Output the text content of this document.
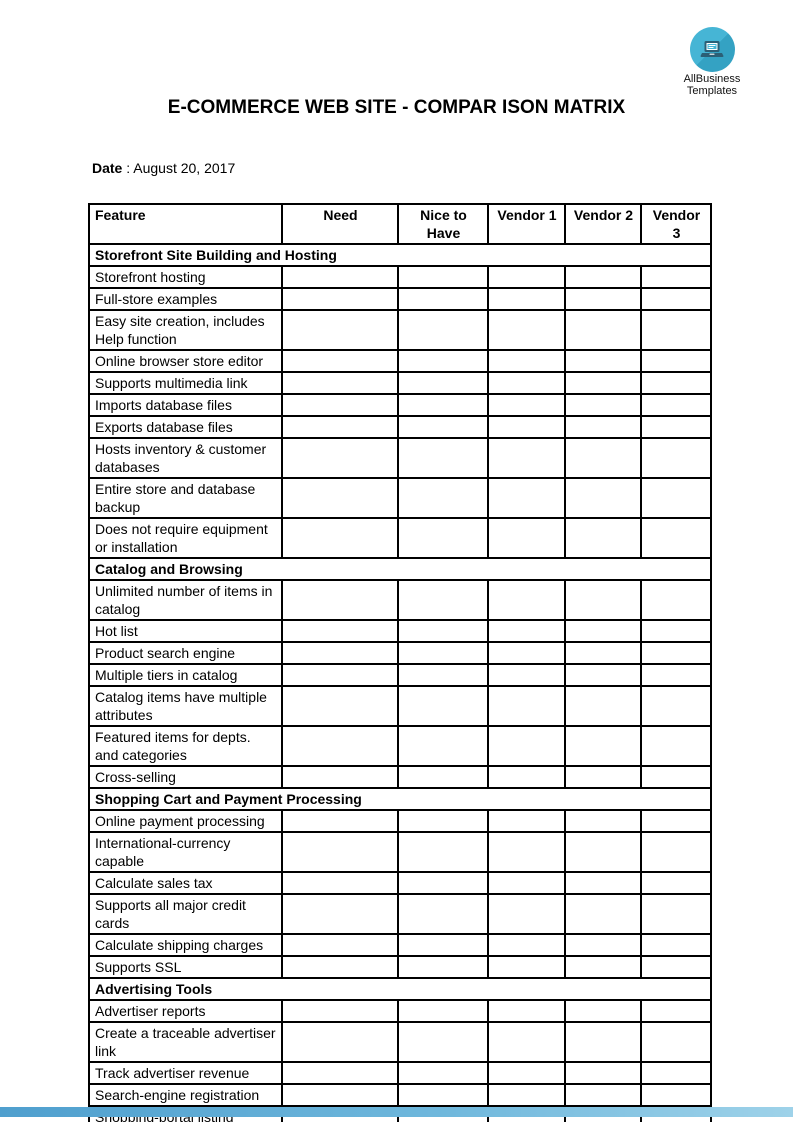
AllBusiness
Templates
E-COMMERCE WEB SITE - COMPAR ISON MATRIX
Date : August 20, 2017
Feature	Need	Nice to Have	Vendor 1	Vendor 2	Vendor 3
Storefront Site Building and Hosting					
Storefront hosting					
Full-store examples					
Easy site creation, includes Help function					
Online browser store editor					
Supports multimedia link					
Imports database files					
Exports database files					
Hosts inventory & customer databases					
Entire store and database backup					
Does not require equipment or installation					
Catalog and Browsing					
Unlimited number of items in catalog					
Hot list					
Product search engine					
Multiple tiers in catalog					
Catalog items have multiple attributes					
Featured items for depts. and categories					
Cross-selling					
Shopping Cart and Payment Processing					
Online payment processing					
International-currency capable					
Calculate sales tax					
Supports all major credit cards					
Calculate shipping charges					
Supports SSL					
Advertising Tools					
Advertiser reports					
Create a traceable advertiser link					
Track advertiser revenue					
Search-engine registration					
